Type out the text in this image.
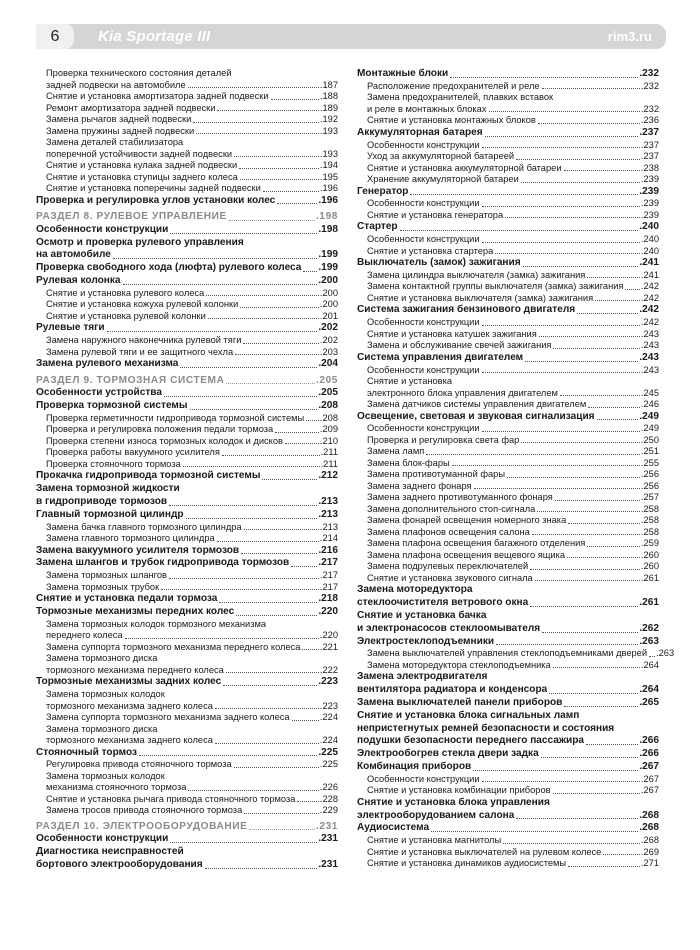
6	Kia Sportage III	rim3.ru
Проверка технического состояния деталей
задней подвески на автомобиле	.187
Снятие и установка амортизатора задней подвески	.188
Ремонт амортизатора задней подвески	.189
Замена рычагов задней подвески	.192
Замена пружины задней подвески	.193
Замена деталей стабилизатора
поперечной устойчивости задней подвески	.193
Снятие и установка кулака задней подвески	.194
Снятие и установка ступицы заднего колеса	.195
Снятие и установка поперечины задней подвески	.196
Проверка и регулировка углов установки колес	.196
РАЗДЕЛ 8. РУЛЕВОЕ УПРАВЛЕНИЕ	.198
Особенности конструкции	.198
Осмотр и проверка рулевого управления
на автомобиле	.199
Проверка свободного хода (люфта) рулевого колеса .199
Рулевая колонка	.200
Снятие и установка рулевого колеса	.200
Снятие и установка кожуха рулевой колонки	.200
Снятие и установка рулевой колонки	.201
Рулевые тяги	.202
Замена наружного наконечника рулевой тяги	.202
Замена рулевой тяги и ее защитного чехла	.203
Замена рулевого механизма	.204
РАЗДЕЛ 9. ТОРМОЗНАЯ СИСТЕМА	.205
Особенности устройства	.205
Проверка тормозной системы	.208
Проверка герметичности гидропривода тормозной системы .208
Проверка и регулировка положения педали тормоза	.209
Проверка степени износа тормозных колодок и дисков	.210
Проверка работы вакуумного усилителя	.211
Проверка стояночного тормоза	.211
Прокачка гидропривода тормозной системы	.212
Замена тормозной жидкости
в гидроприводе тормозов	.213
Главный тормозной цилиндр	.213
Замена бачка главного тормозного цилиндра	.213
Замена главного тормозного цилиндра	.214
Замена вакуумного усилителя тормозов	.216
Замена шлангов и трубок гидропривода тормозов	.217
Замена тормозных шлангов	.217
Замена тормозных трубок	.217
Снятие и установка педали тормоза	.218
Тормозные механизмы передних колес	.220
Замена тормозных колодок тормозного механизма
переднего колеса	.220
Замена суппорта тормозного механизма переднего колеса .221
Замена тормозного диска
тормозного механизма переднего колеса	.222
Тормозные механизмы задних колес	.223
Замена тормозных колодок
тормозного механизма заднего колеса	.223
Замена суппорта тормозного механизма заднего колеса	.224
Замена тормозного диска
тормозного механизма заднего колеса	.224
Стояночный тормоз	.225
Регулировка привода стояночного тормоза	.225
Замена тормозных колодок
механизма стояночного тормоза	.226
Снятие и установка рычага привода стояночного тормоза	.228
Замена тросов привода стояночного тормоза	.229
РАЗДЕЛ 10. ЭЛЕКТРООБОРУДОВАНИЕ	.231
Особенности конструкции	.231
Диагностика неисправностей
бортового электрооборудования	.231
Монтажные блоки	.232
Расположение предохранителей и реле	.232
Замена предохранителей, плавких вставок
и реле в монтажных блоках	.232
Снятие и установка монтажных блоков	.236
Аккумуляторная батарея	.237
Особенности конструкции	.237
Уход за аккумуляторной батареей	.237
Снятие и установка аккумуляторной батареи	.238
Хранение аккумуляторной батареи	.239
Генератор	.239
Особенности конструкции	.239
Снятие и установка генератора	.239
Стартер	.240
Особенности конструкции	.240
Снятие и установка стартера	.240
Выключатель (замок) зажигания	.241
Замена цилиндра выключателя (замка) зажигания	.241
Замена контактной группы выключателя (замка) зажигания .242
Снятие и установка выключателя (замка) зажигания	.242
Система зажигания бензинового двигателя	.242
Особенности конструкции	.242
Снятие и установка катушек зажигания	.243
Замена и обслуживание свечей зажигания	.243
Система управления двигателем	.243
Особенности конструкции	.243
Снятие и установка
электронного блока управления двигателем	.245
Замена датчиков системы управления двигателем	.246
Освещение, световая и звуковая сигнализация	.249
Особенности конструкции	.249
Проверка и регулировка света фар	.250
Замена ламп	.251
Замена блок-фары	.255
Замена противотуманной фары	.256
Замена заднего фонаря	.256
Замена заднего противотуманного фонаря	.257
Замена дополнительного стоп-сигнала	.258
Замена фонарей освещения номерного знака	.258
Замена плафонов освещения салона	.258
Замена плафона освещения багажного отделения	.259
Замена плафона освещения вещевого ящика	.260
Замена подрулевых переключателей	.260
Снятие и установка звукового сигнала	.261
Замена моторедуктора
стеклоочистителя ветрового окна	.261
Снятие и установка бачка
и электронасосов стеклоомывателя	.262
Электростеклоподъемники	.263
Замена выключателей управления стеклоподъемниками дверей .263
Замена моторедуктора стеклоподъемника	.264
Замена электродвигателя
вентилятора радиатора и конденсора	.264
Замена выключателей панели приборов	.265
Снятие и установка блока сигнальных ламп
непристегнутых ремней безопасности и состояния
подушки безопасности переднего пассажира	.266
Электрообогрев стекла двери задка	.266
Комбинация приборов	.267
Особенности конструкции	.267
Снятие и установка комбинации приборов	.267
Снятие и установка блока управления
электрооборудованием салона	.268
Аудиосистема	.268
Снятие и установка магнитолы	.268
Снятие и установка выключателей на рулевом колесе	.269
Снятие и установка динамиков аудиосистемы	.271
